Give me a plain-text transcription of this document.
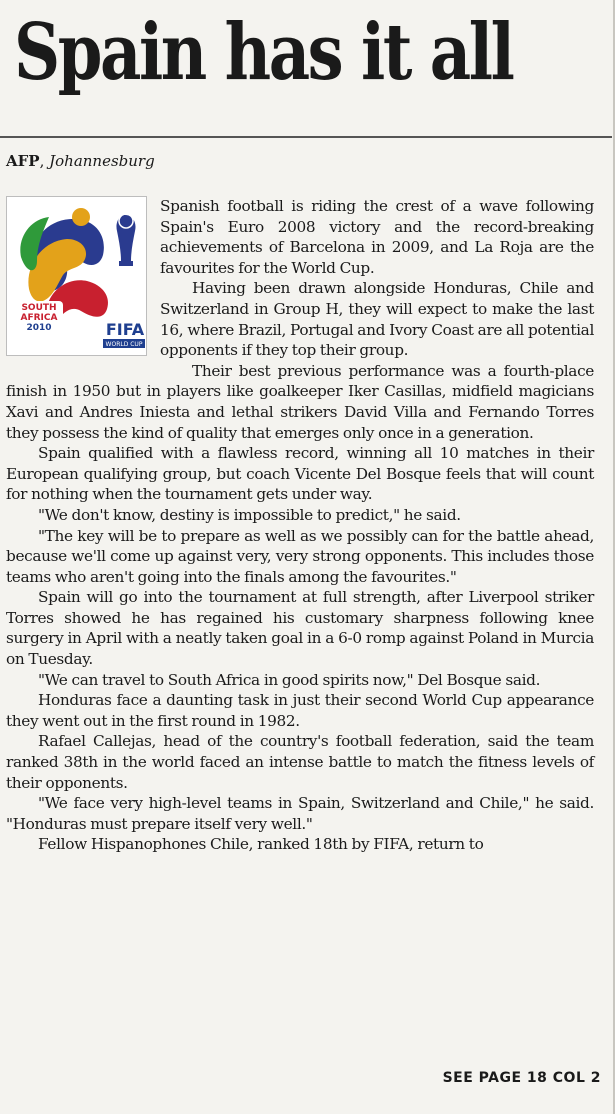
Spain has it all
AFP, Johannesburg
SOUTH
AFRICA
2010	FIFA
WORLD CUP

Spanish football is riding the crest of a wave following Spain's Euro 2008 victory and the record-breaking achievements of Barcelona in 2009, and La Roja are the favourites for the World Cup.

Having been drawn alongside Honduras, Chile and Switzerland in Group H, they will expect to make the last 16, where Brazil, Portugal and Ivory Coast are all potential opponents if they top their group.

Their best previous performance was a fourth-place finish in 1950 but in players like goalkeeper Iker Casillas, midfield magicians Xavi and Andres Iniesta and lethal strikers David Villa and Fernando Torres they possess the kind of quality that emerges only once in a generation.

Spain qualified with a flawless record, winning all 10 matches in their European qualifying group, but coach Vicente Del Bosque feels that will count for nothing when the tournament gets under way.

"We don't know, destiny is impossible to predict," he said.

"The key will be to prepare as well as we possibly can for the battle ahead, because we'll come up against very, very strong opponents. This includes those teams who aren't going into the finals among the favourites."

Spain will go into the tournament at full strength, after Liverpool striker Torres showed he has regained his customary sharpness following knee surgery in April with a neatly taken goal in a 6-0 romp against Poland in Murcia on Tuesday.

"We can travel to South Africa in good spirits now," Del Bosque said.

Honduras face a daunting task in just their second World Cup appearance they went out in the first round in 1982.

Rafael Callejas, head of the country's football federation, said the team ranked 38th in the world faced an intense battle to match the fitness levels of their opponents.

"We face very high-level teams in Spain, Switzerland and Chile," he said. "Honduras must prepare itself very well."

Fellow Hispanophones Chile, ranked 18th by FIFA, return to

SEE PAGE 18 COL 2
